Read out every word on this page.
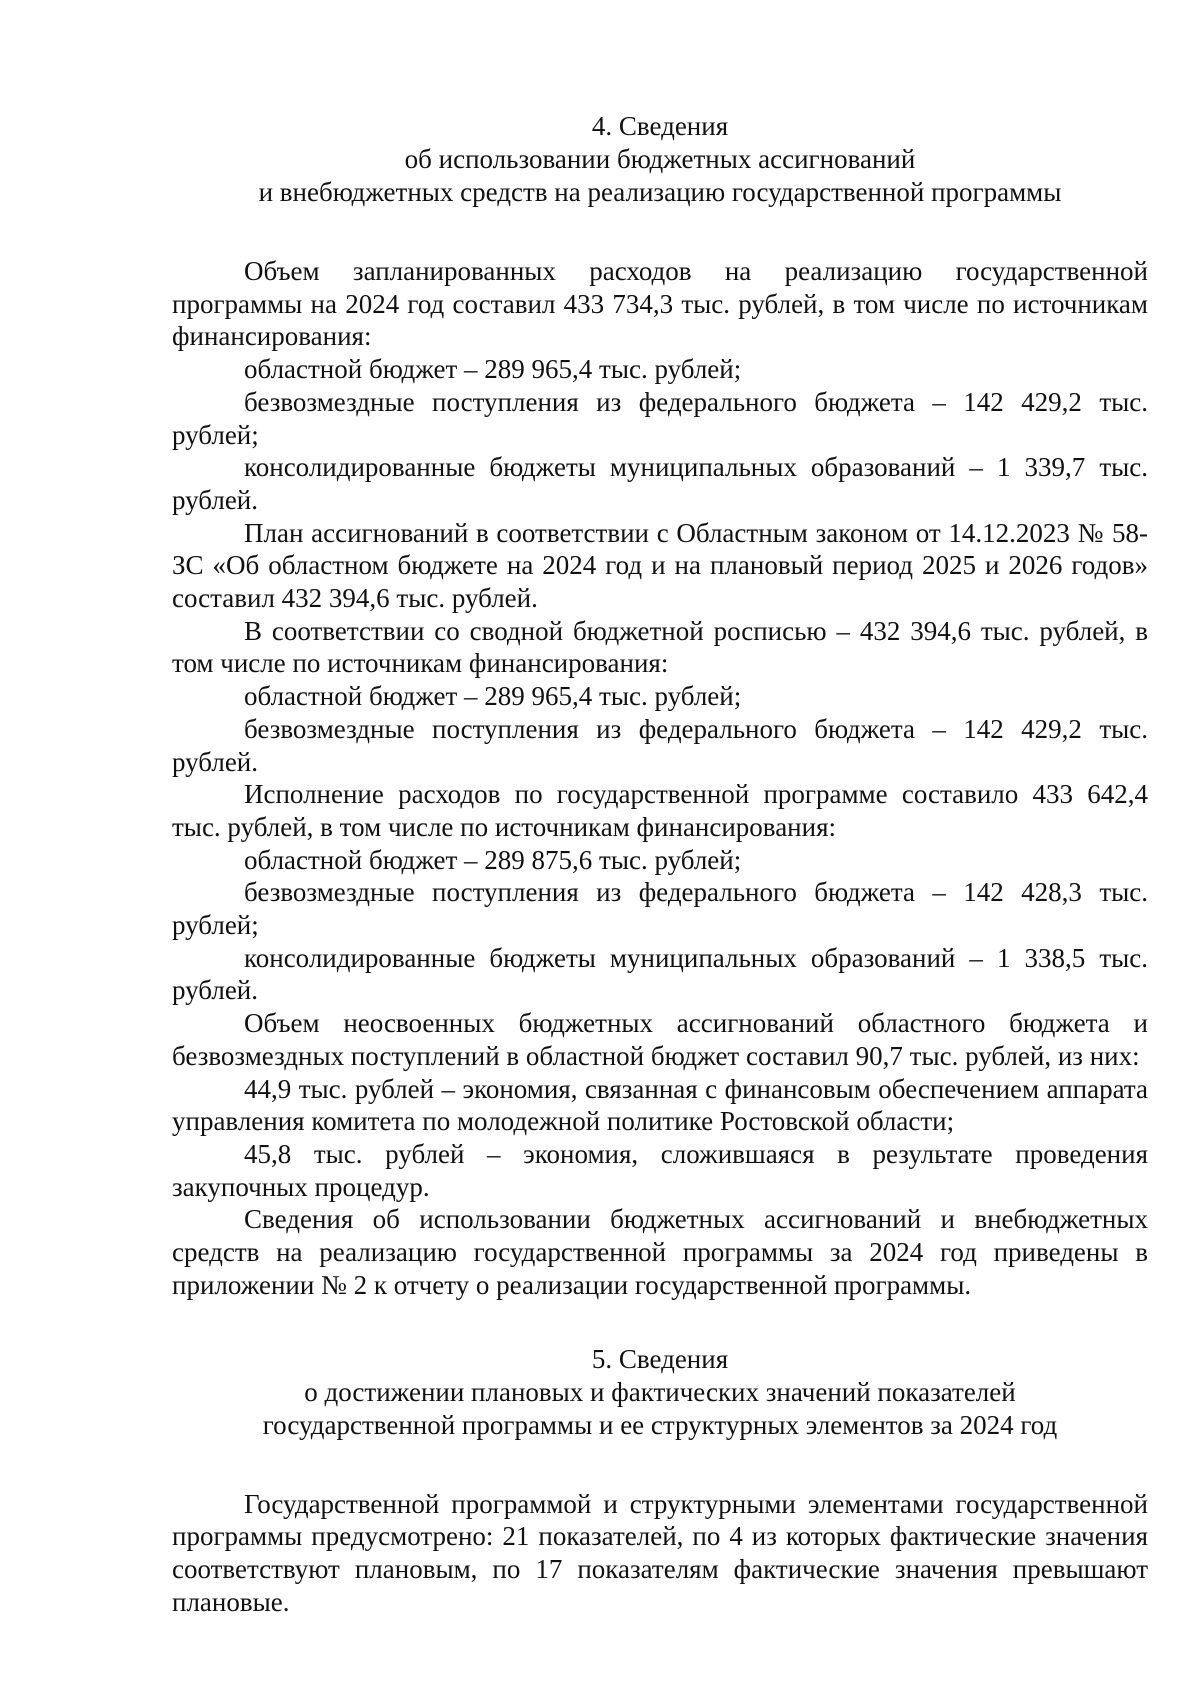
4. Сведения
об использовании бюджетных ассигнований
и внебюджетных средств на реализацию государственной программы

Объем запланированных расходов на реализацию государственной программы на 2024 год составил 433 734,3 тыс. рублей, в том числе по источникам финансирования:

областной бюджет – 289 965,4 тыс. рублей;

безвозмездные поступления из федерального бюджета – 142 429,2 тыс. рублей;

консолидированные бюджеты муниципальных образований – 1 339,7 тыс. рублей.

План ассигнований в соответствии с Областным законом от 14.12.2023 № 58-ЗС «Об областном бюджете на 2024 год и на плановый период 2025 и 2026 годов» составил 432 394,6 тыс. рублей.

В соответствии со сводной бюджетной росписью – 432 394,6 тыс. рублей, в том числе по источникам финансирования:

областной бюджет – 289 965,4 тыс. рублей;

безвозмездные поступления из федерального бюджета – 142 429,2 тыс. рублей.

Исполнение расходов по государственной программе составило 433 642,4 тыс. рублей, в том числе по источникам финансирования:

областной бюджет – 289 875,6 тыс. рублей;

безвозмездные поступления из федерального бюджета – 142 428,3 тыс. рублей;

консолидированные бюджеты муниципальных образований – 1 338,5 тыс. рублей.

Объем неосвоенных бюджетных ассигнований областного бюджета и безвозмездных поступлений в областной бюджет составил 90,7 тыс. рублей, из них:

44,9 тыс. рублей – экономия, связанная с финансовым обеспечением аппарата управления комитета по молодежной политике Ростовской области;

45,8 тыс. рублей – экономия, сложившаяся в результате проведения закупочных процедур.

Сведения об использовании бюджетных ассигнований и внебюджетных средств на реализацию государственной программы за 2024 год приведены в приложении № 2 к отчету о реализации государственной программы.

5. Сведения
о достижении плановых и фактических значений показателей
государственной программы и ее структурных элементов за 2024 год

Государственной программой и структурными элементами государственной программы предусмотрено: 21 показателей, по 4 из которых фактические значения соответствуют плановым, по 17 показателям фактические значения превышают плановые.
